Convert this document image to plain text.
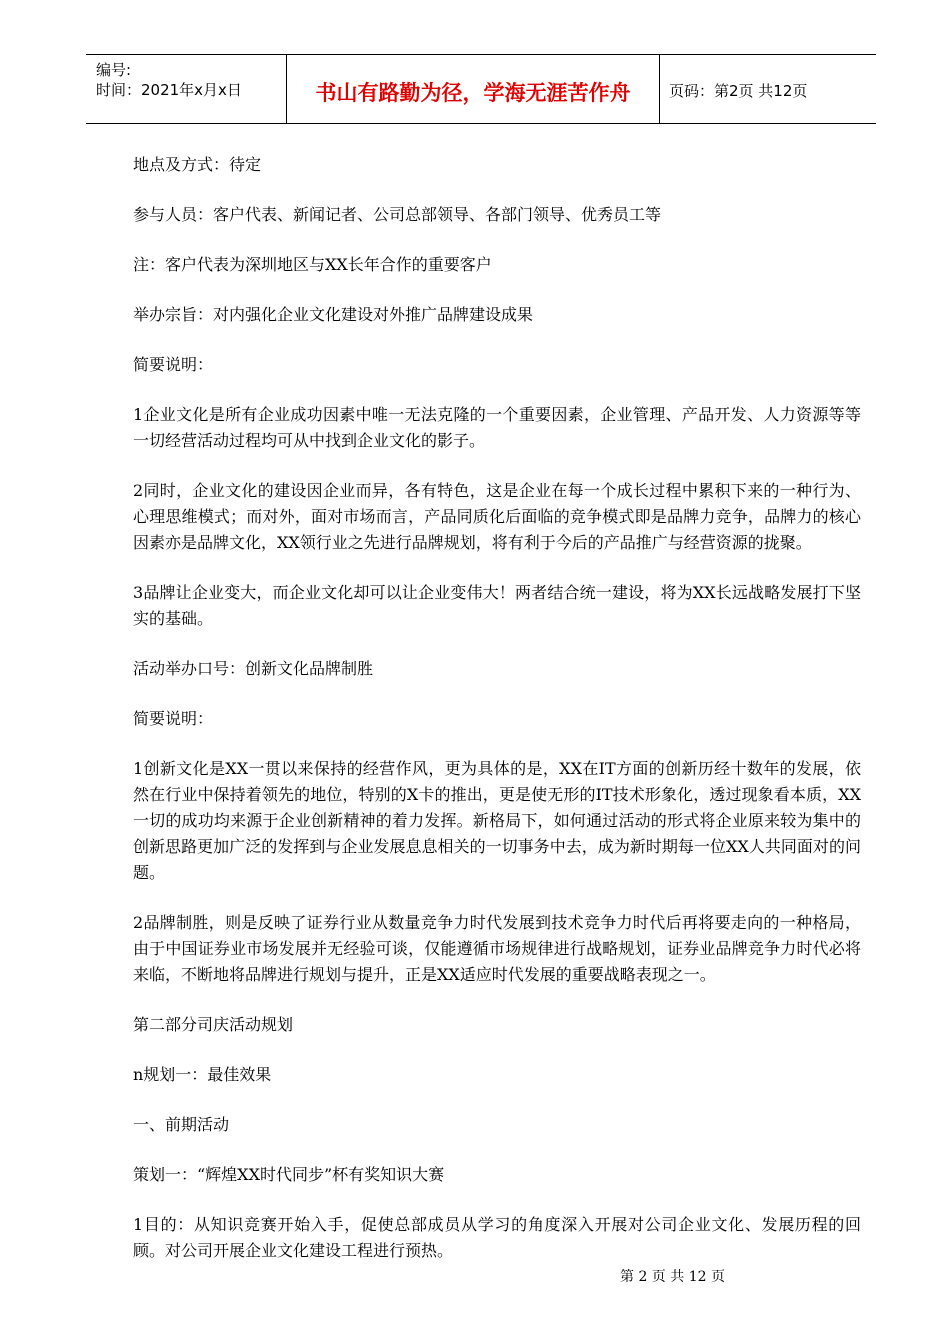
编号:
时间：2021年x月x日	书山有路勤为径，学海无涯苦作舟	页码：第2页 共12页

地点及方式：待定

参与人员：客户代表、新闻记者、公司总部领导、各部门领导、优秀员工等

注：客户代表为深圳地区与XX长年合作的重要客户

举办宗旨：对内强化企业文化建设对外推广品牌建设成果

简要说明：

1企业文化是所有企业成功因素中唯一无法克隆的一个重要因素，企业管理、产品开发、人力资源等等一切经营活动过程均可从中找到企业文化的影子。

2同时，企业文化的建设因企业而异，各有特色，这是企业在每一个成长过程中累积下来的一种行为、心理思维模式；而对外，面对市场而言，产品同质化后面临的竞争模式即是品牌力竞争，品牌力的核心因素亦是品牌文化，XX领行业之先进行品牌规划，将有利于今后的产品推广与经营资源的拢聚。

3品牌让企业变大，而企业文化却可以让企业变伟大！两者结合统一建设，将为XX长远战略发展打下坚实的基础。

活动举办口号：创新文化品牌制胜

简要说明：

1创新文化是XX一贯以来保持的经营作风，更为具体的是，XX在IT方面的创新历经十数年的发展，依然在行业中保持着领先的地位，特别的X卡的推出，更是使无形的IT技术形象化，透过现象看本质，XX一切的成功均来源于企业创新精神的着力发挥。新格局下，如何通过活动的形式将企业原来较为集中的创新思路更加广泛的发挥到与企业发展息息相关的一切事务中去，成为新时期每一位XX人共同面对的问题。

2品牌制胜，则是反映了证券行业从数量竞争力时代发展到技术竞争力时代后再将要走向的一种格局，由于中国证券业市场发展并无经验可谈，仅能遵循市场规律进行战略规划，证券业品牌竞争力时代必将来临，不断地将品牌进行规划与提升，正是XX适应时代发展的重要战略表现之一。

第二部分司庆活动规划

n规划一：最佳效果

一、前期活动

策划一：“辉煌XX时代同步”杯有奖知识大赛

1目的：从知识竞赛开始入手，促使总部成员从学习的角度深入开展对公司企业文化、发展历程的回顾。对公司开展企业文化建设工程进行预热。

第 2 页 共 12 页
